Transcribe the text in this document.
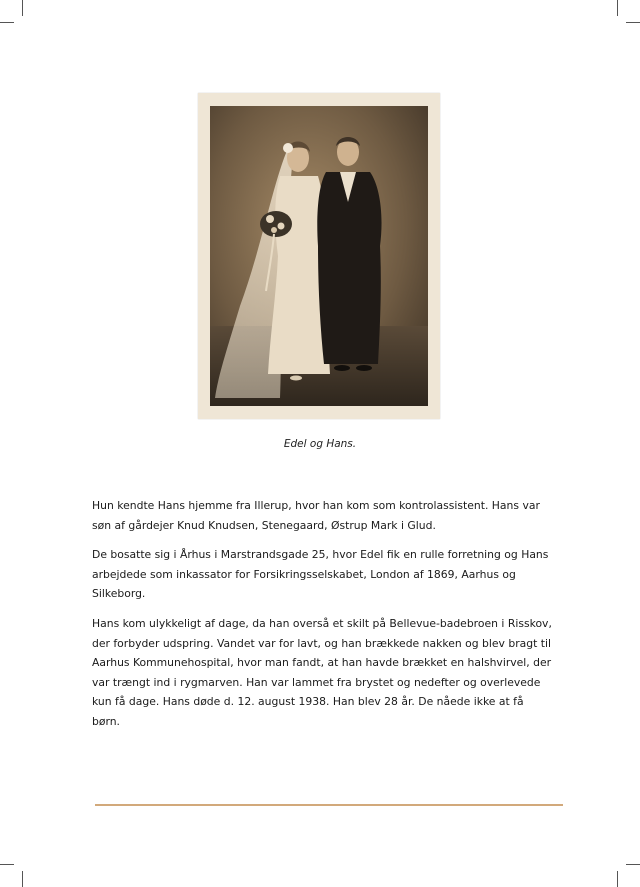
Edel og Hans.

Hun kendte Hans hjemme fra Illerup, hvor han kom som kontrolassistent. Hans var søn af gårdejer Knud Knudsen, Stenegaard, Østrup Mark i Glud.

De bosatte sig i Århus i Marstrandsgade 25, hvor Edel fik en rulle forretning og Hans arbejdede som inkassator for Forsikringsselskabet, London af 1869, Aarhus og Silkeborg.

Hans kom ulykkeligt af dage, da han overså et skilt på Bellevue-badebroen i Risskov, der forbyder udspring. Vandet var for lavt, og han brækkede nakken og blev bragt til Aarhus Kommunehospital, hvor man fandt, at han havde brækket en halshvirvel, der var trængt ind i rygmarven. Han var lammet fra brystet og nedefter og overlevede kun få dage. Hans døde d. 12. august 1938. Han blev 28 år. De nåede ikke at få børn.
